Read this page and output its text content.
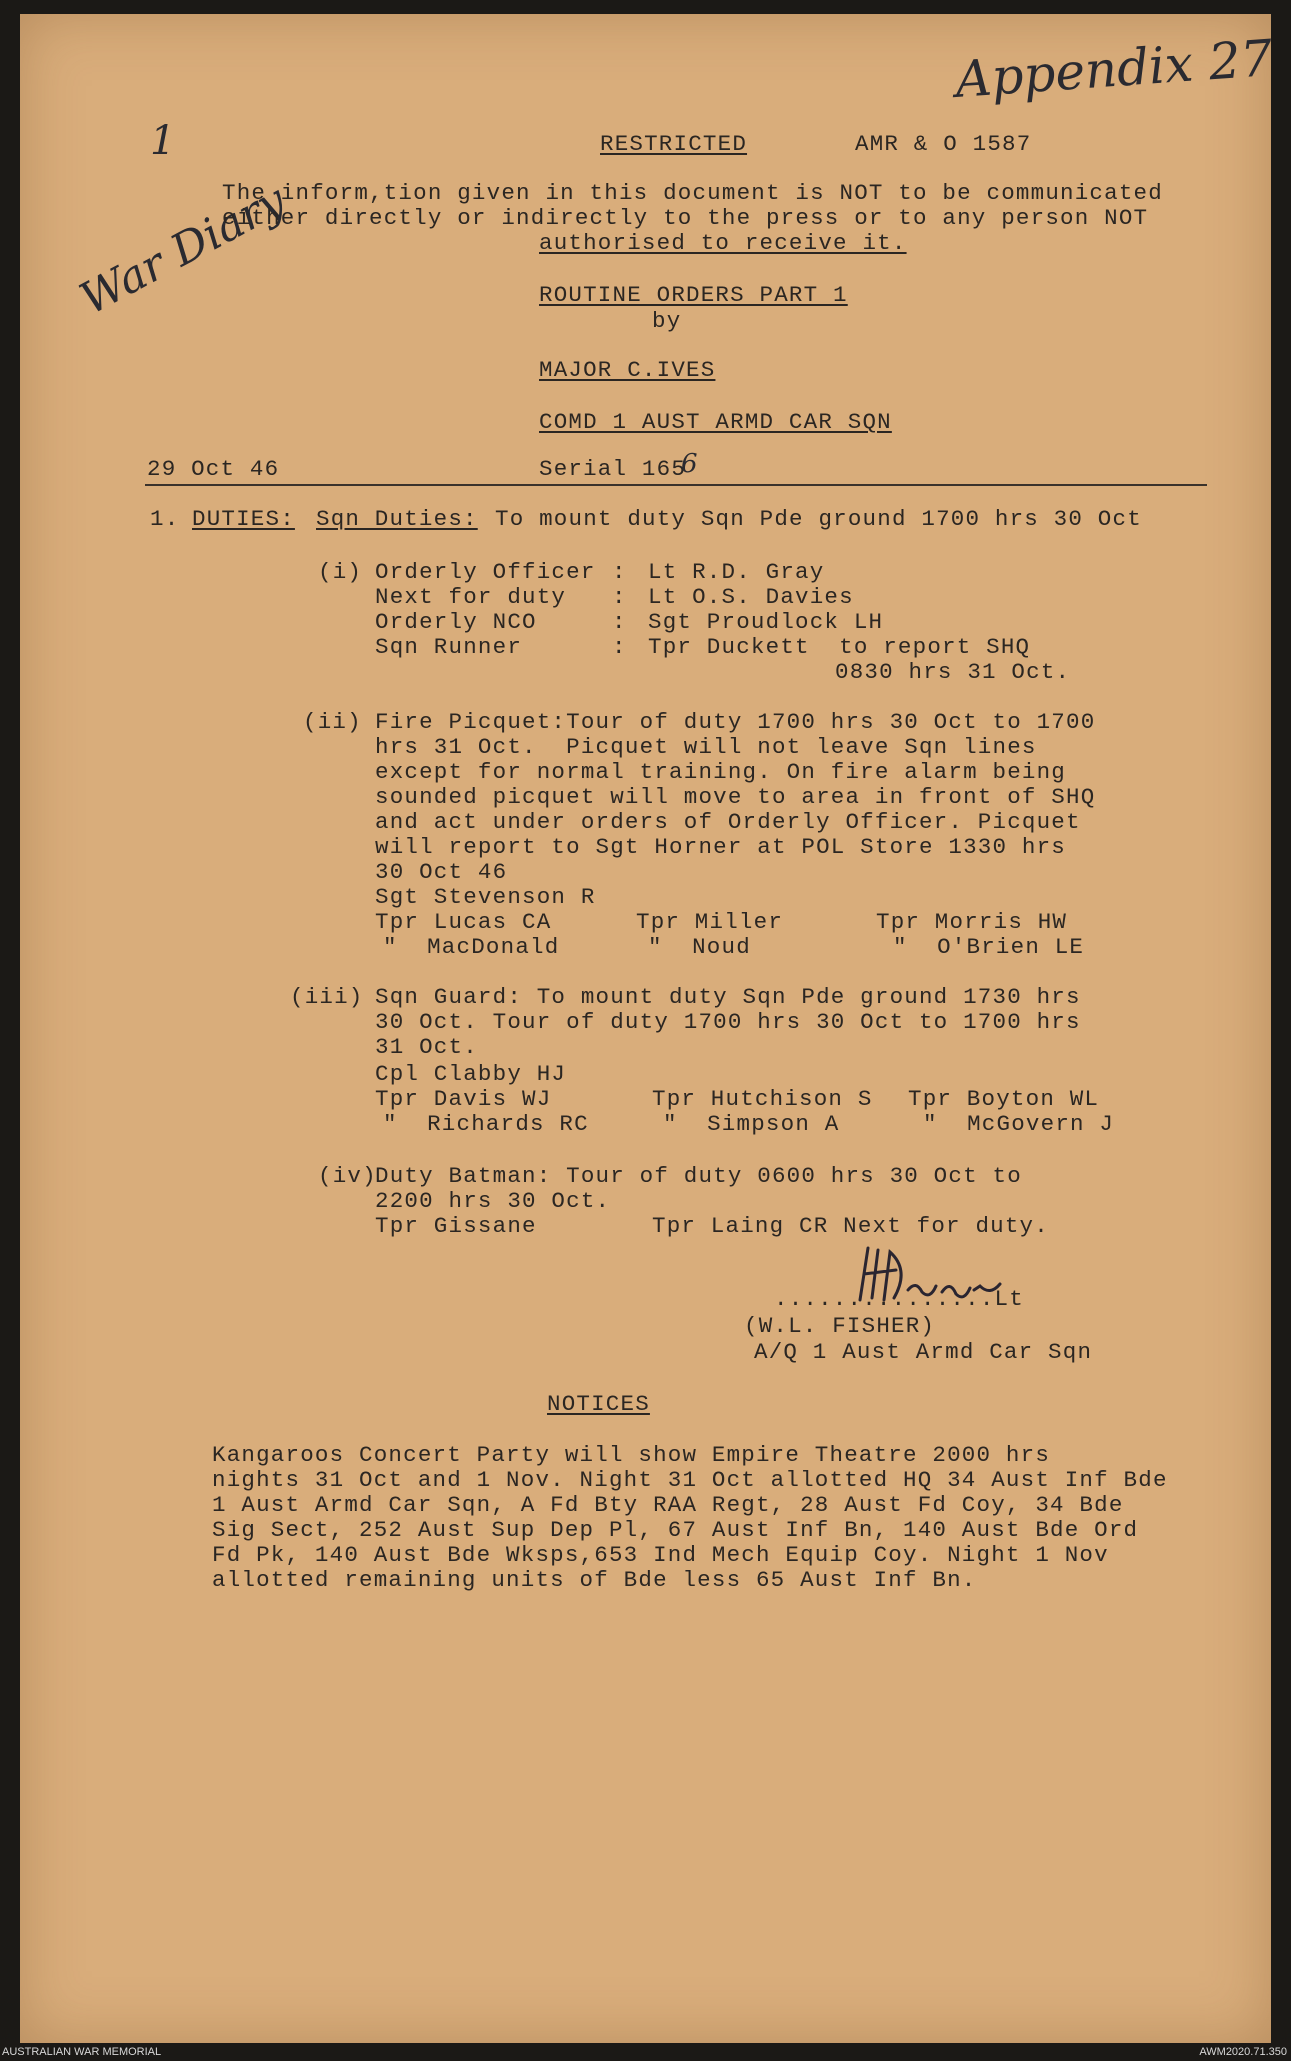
Appendix 27
War Diary
1	RESTRICTED	AMR & O 1587
The inform,tion given in this document is NOT to be communicated
either directly or indirectly to the press or to any person NOT
authorised to receive it.
ROUTINE ORDERS PART 1
by
MAJOR C.IVES
COMD 1 AUST ARMD CAR SQN
29 Oct 46	Serial 165
6
1. DUTIES: Sqn Duties: To mount duty Sqn Pde ground 1700 hrs 30 Oct
(i) Orderly Officer : Lt R.D. Gray
Next for duty : Lt O.S. Davies
Orderly NCO	: Sgt Proudlock LH
Sqn Runner	: Tpr Duckett  to report SHQ
0830 hrs 31 Oct.
(ii) Fire Picquet:Tour of duty 1700 hrs 30 Oct to 1700
hrs 31 Oct.  Picquet will not leave Sqn lines
except for normal training. On fire alarm being
sounded picquet will move to area in front of SHQ
and act under orders of Orderly Officer. Picquet
will report to Sgt Horner at POL Store 1330 hrs
30 Oct 46
Sgt Stevenson R
Tpr Lucas CA	Tpr Miller	Tpr Morris HW
"  MacDonald	"  Noud	"  O'Brien LE
(iii) Sqn Guard: To mount duty Sqn Pde ground 1730 hrs
30 Oct. Tour of duty 1700 hrs 30 Oct to 1700 hrs
31 Oct.
Cpl Clabby HJ
Tpr Davis WJ	Tpr Hutchison S Tpr Boyton WL
"  Richards RC	"  Simpson A	"  McGovern J
(iv)
Duty Batman: Tour of duty 0600 hrs 30 Oct to
2200 hrs 30 Oct.
Tpr Gissane	Tpr Laing CR Next for duty.
...............Lt
(W.L. FISHER)
A/Q 1 Aust Armd Car Sqn
NOTICES
Kangaroos Concert Party will show Empire Theatre 2000 hrs
nights 31 Oct and 1 Nov. Night 31 Oct allotted HQ 34 Aust Inf Bde
1 Aust Armd Car Sqn, A Fd Bty RAA Regt, 28 Aust Fd Coy, 34 Bde
Sig Sect, 252 Aust Sup Dep Pl, 67 Aust Inf Bn, 140 Aust Bde Ord
Fd Pk, 140 Aust Bde Wksps,653 Ind Mech Equip Coy. Night 1 Nov
allotted remaining units of Bde less 65 Aust Inf Bn.
AUSTRALIAN WAR MEMORIAL	AWM2020.71.350
